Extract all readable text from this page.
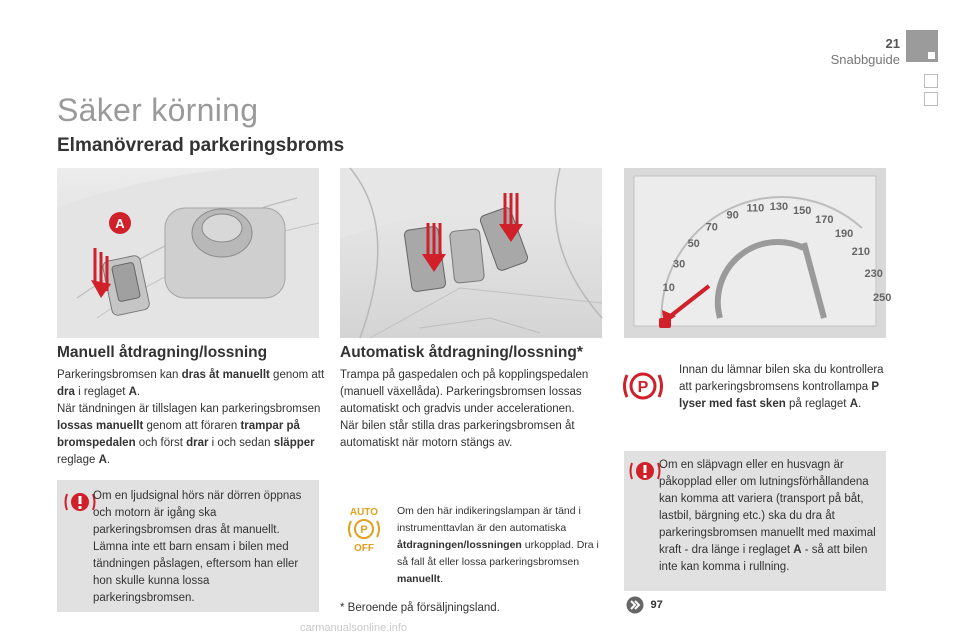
21
Snabbguide
Säker körning
Elmanövrerad parkeringsbroms
A
10
30
50
70
90
110 130 150
170
190
210
230
250
Manuell åtdragning/lossning
Parkeringsbromsen kan dras åt manuellt genom att dra i reglaget A.
När tändningen är tillslagen kan parkeringsbromsen lossas manuellt genom att föraren trampar på bromspedalen och först drar i och sedan släpper reglage A.
Om en ljudsignal hörs när dörren öppnas och motorn är igång ska parkeringsbromsen dras åt manuellt. Lämna inte ett barn ensam i bilen med tändningen påslagen, eftersom han eller hon skulle kunna lossa parkeringsbromsen.
Automatisk åtdragning/lossning*
Trampa på gaspedalen och på kopplingspedalen (manuell växellåda). Parkeringsbromsen lossas automatiskt och gradvis under accelerationen.
När bilen står stilla dras parkeringsbromsen åt automatiskt när motorn stängs av.
AUTO
P
OFF
Om den här indikeringslampan är tänd i instrumenttavlan är den automatiska åtdragningen/lossningen urkopplad. Dra i så fall åt eller lossa parkeringsbromsen manuellt.
* Beroende på försäljningsland.
P
Innan du lämnar bilen ska du kontrollera att parkeringsbromsens kontrollampa P lyser med fast sken på reglaget A.
Om en släpvagn eller en husvagn är påkopplad eller om lutningsförhållandena kan komma att variera (transport på båt, lastbil, bärgning etc.) ska du dra åt parkeringsbromsen manuellt med maximal kraft - dra länge i reglaget A - så att bilen inte kan komma i rullning.
97
carmanualsonline.info
